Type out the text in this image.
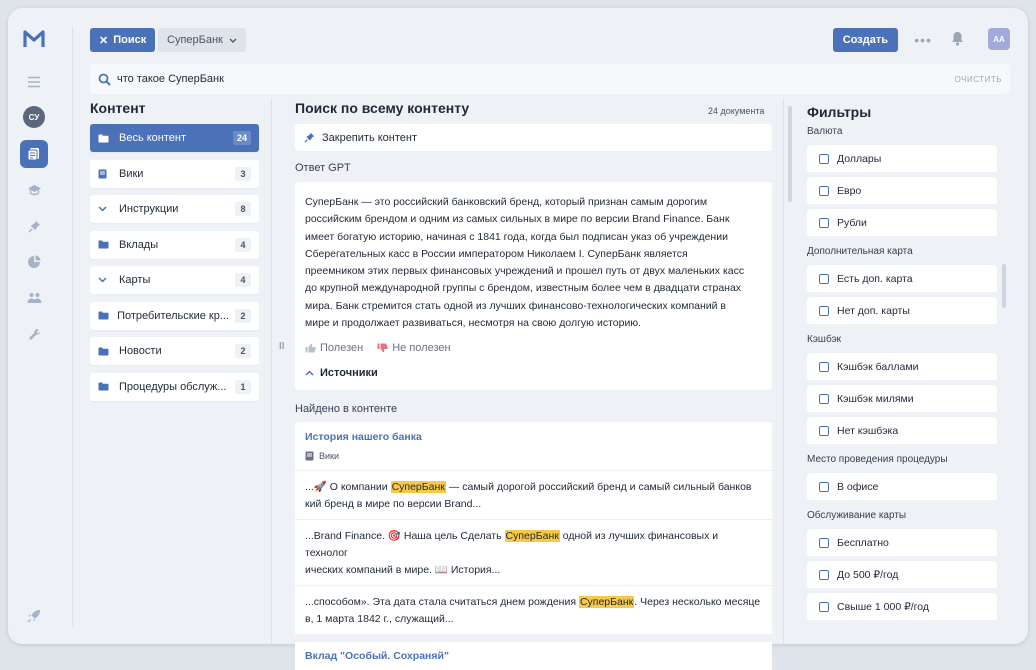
СУ
✕ Поиск СуперБанк	Создать	•••	АА
что такое СуперБанк
ОЧИСТИТЬ
Контент
Весь контент	24
Вики	3
Инструкции	8
Вклады	4
Карты	4
Потребительские кр...	2
Новости	2
Процедуры обслуж...	1
II
Поиск по всему контенту	24 документа
Закрепить контент
Ответ GPT
СуперБанк — это российский банковский бренд, который признан самым дорогим
российским брендом и одним из самых сильных в мире по версии Brand Finance. Банк
имеет богатую историю, начиная с 1841 года, когда был подписан указ об учреждении
Сберегательных касс в России императором Николаем I. СуперБанк является
преемником этих первых финансовых учреждений и прошел путь от двух маленьких касс
до крупной международной группы с брендом, известным более чем в двадцати странах
мира. Банк стремится стать одной из лучших финансово-технологических компаний в
мире и продолжает развиваться, несмотря на свою долгую историю.
Полезен	Не полезен
Источники
Найдено в контенте
История нашего банка
Вики
...🚀 О компании СуперБанк — самый дорогой российский бренд и самый сильный банков
кий бренд в мире по версии Brand...
...Brand Finance. 🎯 Наша цель Сделать СуперБанк одной из лучших финансовых и технолог
ических компаний в мире. 📖 История...
...способом». Эта дата стала считаться днем рождения СуперБанк. Через несколько месяце
в, 1 марта 1842 г., служащий...
Вклад "Особый. Сохраняй"
Фильтры
Валюта
Доллары
Евро
Рубли
Дополнительная карта
Есть доп. карта
Нет доп. карты
Кэшбэк
Кэшбэк баллами
Кэшбэк милями
Нет кэшбэка
Место проведения процедуры
В офисе
Обслуживание карты
Бесплатно
До 500 ₽/год
Свыше 1 000 ₽/год
